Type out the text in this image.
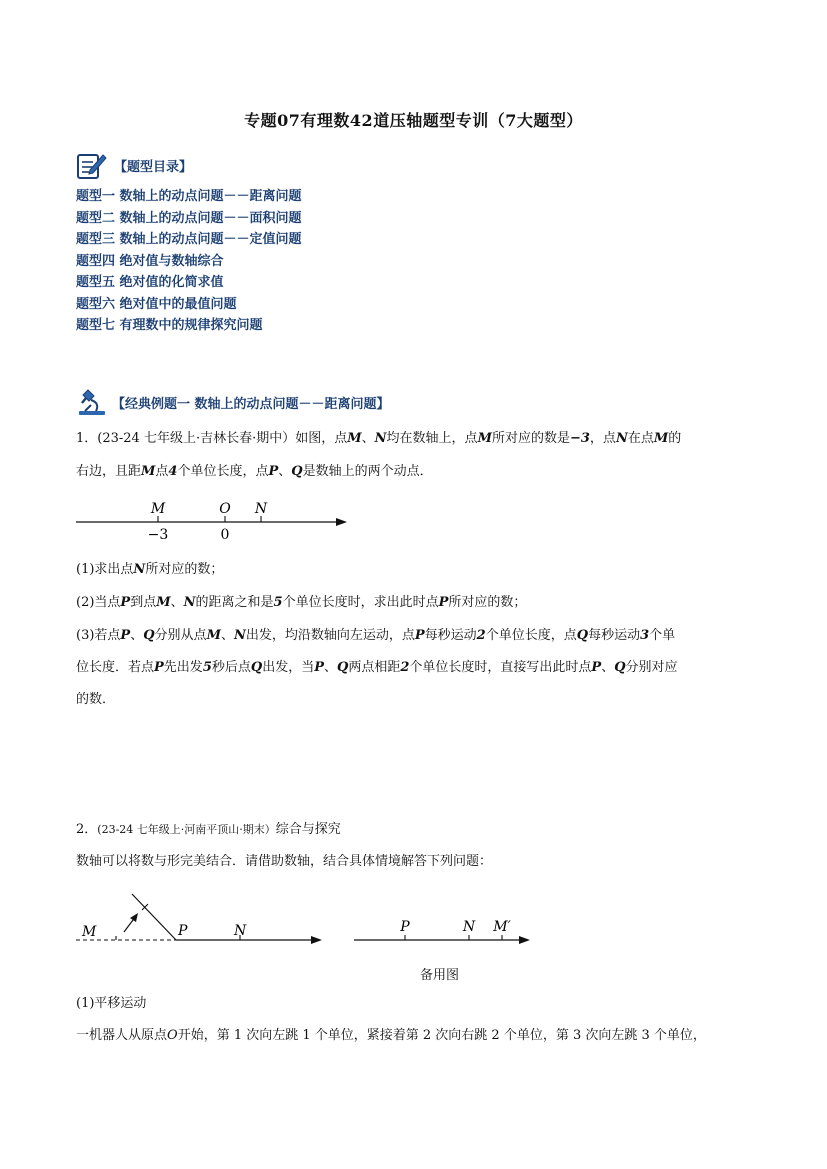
专题07有理数42道压轴题型专训（7大题型）
【题型目录】
题型一 数轴上的动点问题－－距离问题
题型二 数轴上的动点问题－－面积问题
题型三 数轴上的动点问题－－定值问题
题型四 绝对值与数轴综合
题型五 绝对值的化简求值
题型六 绝对值中的最值问题
题型七 有理数中的规律探究问题
【经典例题一 数轴上的动点问题－－距离问题】
1．(23-24 七年级上·吉林长春·期中）如图，点M、N均在数轴上，点M所对应的数是−3，点N在点M的
右边，且距M点4个单位长度，点P、Q是数轴上的两个动点．
M	O N
−3	0
(1)求出点N所对应的数；
(2)当点P到点M、N的距离之和是5个单位长度时，求出此时点P所对应的数；
(3)若点P、Q分别从点M、N出发，均沿数轴向左运动，点P每秒运动2个单位长度，点Q每秒运动3个单
位长度．若点P先出发5秒后点Q出发，当P、Q两点相距2个单位长度时，直接写出此时点P、Q分别对应
的数．
2．(23-24 七年级上·河南平顶山·期末）综合与探究
数轴可以将数与形完美结合．请借助数轴，结合具体情境解答下列问题：
M	P	N	P	N M′
备用图
(1)平移运动
一机器人从原点O开始，第 1 次向左跳 1 个单位，紧接着第 2 次向右跳 2 个单位，第 3 次向左跳 3 个单位，
